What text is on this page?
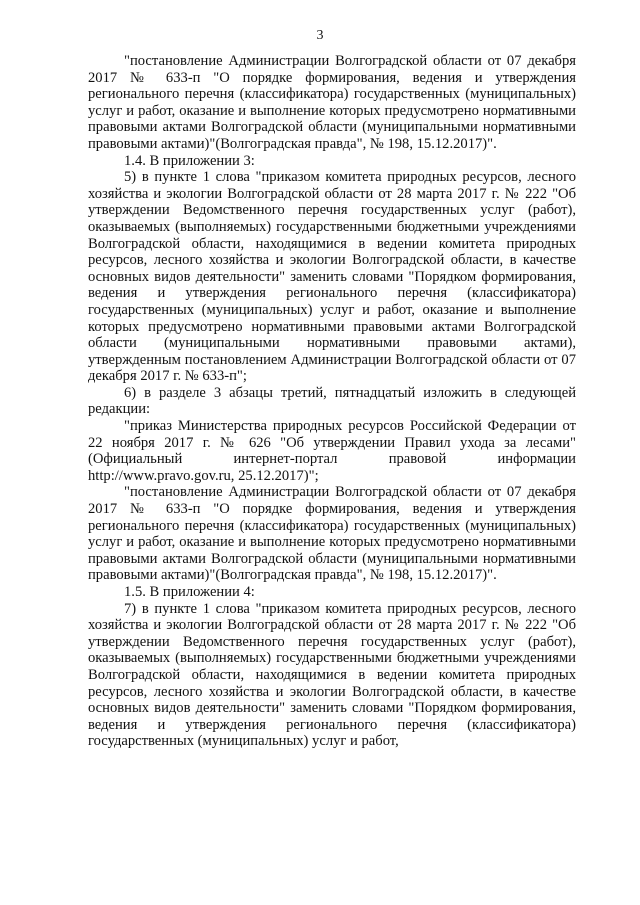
3

"постановление Администрации Волгоградской области от 07 декабря 2017 № 633-п "О порядке формирования, ведения и утверждения регионального перечня (классификатора) государственных (муниципальных) услуг и работ, оказание и выполнение которых предусмотрено нормативными правовыми актами Волгоградской области (муниципальными нормативными правовыми актами)"(Волгоградская правда", № 198, 15.12.2017)".

1.4. В приложении 3:

5) в пункте 1 слова "приказом комитета природных ресурсов, лесного хозяйства и экологии Волгоградской области от 28 марта 2017 г. № 222 "Об утверждении Ведомственного перечня государственных услуг (работ), оказываемых (выполняемых) государственными бюджетными учреждениями Волгоградской области, находящимися в ведении комитета природных ресурсов, лесного хозяйства и экологии Волгоградской области, в качестве основных видов деятельности" заменить словами "Порядком формирования, ведения и утверждения регионального перечня (классификатора) государственных (муниципальных) услуг и работ, оказание и выполнение которых предусмотрено нормативными правовыми актами Волгоградской области (муниципальными нормативными правовыми актами), утвержденным постановлением Администрации Волгоградской области от 07 декабря 2017 г. № 633-п";

6) в разделе 3 абзацы третий, пятнадцатый изложить в следующей редакции:

"приказ Министерства природных ресурсов Российской Федерации от 22 ноября 2017 г. № 626 "Об утверждении Правил ухода за лесами" (Официальный интернет-портал правовой информации http://www.pravo.gov.ru, 25.12.2017)";

"постановление Администрации Волгоградской области от 07 декабря 2017 № 633-п "О порядке формирования, ведения и утверждения регионального перечня (классификатора) государственных (муниципальных) услуг и работ, оказание и выполнение которых предусмотрено нормативными правовыми актами Волгоградской области (муниципальными нормативными правовыми актами)"(Волгоградская правда", № 198, 15.12.2017)".

1.5. В приложении 4:

7) в пункте 1 слова "приказом комитета природных ресурсов, лесного хозяйства и экологии Волгоградской области от 28 марта 2017 г. № 222 "Об утверждении Ведомственного перечня государственных услуг (работ), оказываемых (выполняемых) государственными бюджетными учреждениями Волгоградской области, находящимися в ведении комитета природных ресурсов, лесного хозяйства и экологии Волгоградской области, в качестве основных видов деятельности" заменить словами "Порядком формирования, ведения и утверждения регионального перечня (классификатора) государственных (муниципальных) услуг и работ,
